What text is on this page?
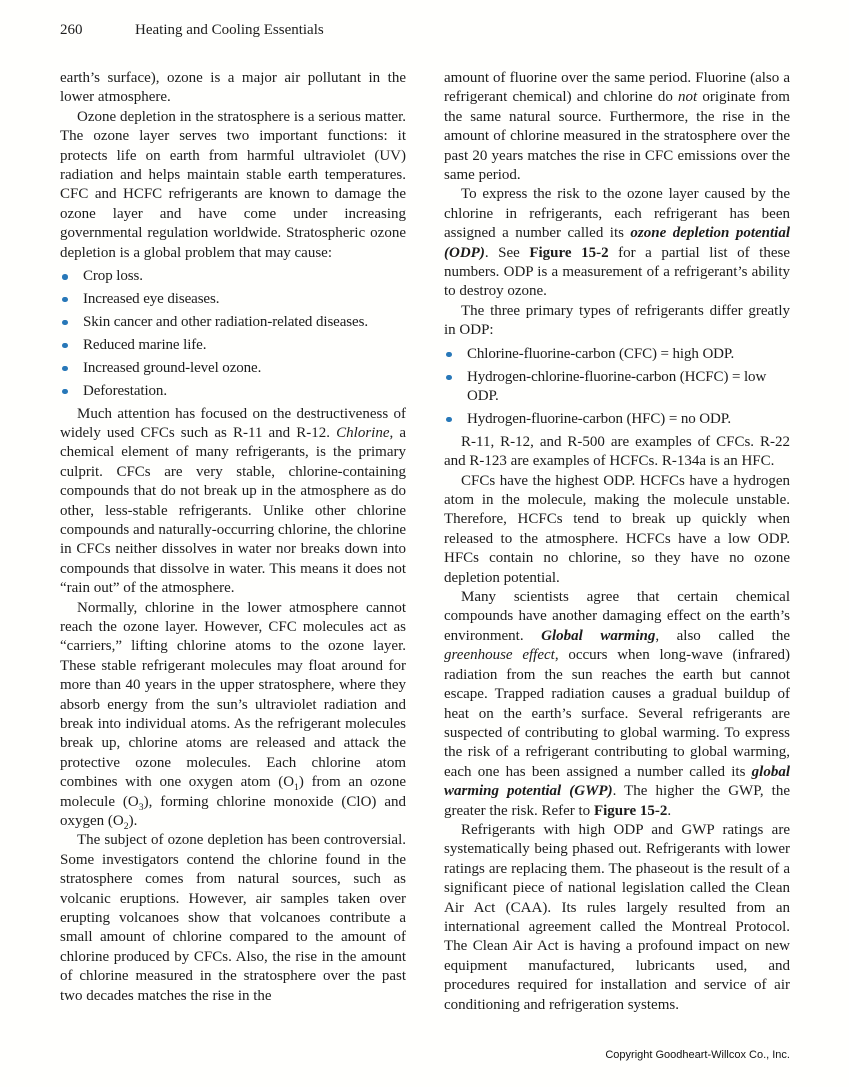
260	Heating and Cooling Essentials

earth’s surface), ozone is a major air pollutant in the lower atmosphere.

Ozone depletion in the stratosphere is a serious matter. The ozone layer serves two important functions: it protects life on earth from harmful ultraviolet (UV) radiation and helps maintain stable earth temperatures. CFC and HCFC refrigerants are known to damage the ozone layer and have come under increasing governmental regulation worldwide. Stratospheric ozone depletion is a global problem that may cause:

Crop loss.
Increased eye diseases.
Skin cancer and other radiation-related diseases.
Reduced marine life.
Increased ground-level ozone.
Deforestation.

Much attention has focused on the destructiveness of widely used CFCs such as R-11 and R-12. Chlorine, a chemical element of many refrigerants, is the primary culprit. CFCs are very stable, chlorine-containing compounds that do not break up in the atmosphere as do other, less-stable refrigerants. Unlike other chlorine compounds and naturally-occurring chlorine, the chlorine in CFCs neither dissolves in water nor breaks down into compounds that dissolve in water. This means it does not “rain out” of the atmosphere.

Normally, chlorine in the lower atmosphere cannot reach the ozone layer. However, CFC molecules act as “carriers,” lifting chlorine atoms to the ozone layer. These stable refrigerant molecules may float around for more than 40 years in the upper stratosphere, where they absorb energy from the sun’s ultraviolet radiation and break into individual atoms. As the refrigerant molecules break up, chlorine atoms are released and attack the protective ozone molecules. Each chlorine atom combines with one oxygen atom $(O_1)$ from an ozone molecule $(O_3)$, forming chlorine monoxide (ClO) and oxygen $(O_2)$.

The subject of ozone depletion has been controversial. Some investigators contend the chlorine found in the stratosphere comes from natural sources, such as volcanic eruptions. However, air samples taken over erupting volcanoes show that volcanoes contribute a small amount of chlorine compared to the amount of chlorine produced by CFCs. Also, the rise in the amount of chlorine measured in the stratosphere over the past two decades matches the rise in the

amount of fluorine over the same period. Fluorine (also a refrigerant chemical) and chlorine do not originate from the same natural source. Furthermore, the rise in the amount of chlorine measured in the stratosphere over the past 20 years matches the rise in CFC emissions over the same period.

To express the risk to the ozone layer caused by the chlorine in refrigerants, each refrigerant has been assigned a number called its ozone depletion potential (ODP). See Figure 15-2 for a partial list of these numbers. ODP is a measurement of a refrigerant’s ability to destroy ozone.

The three primary types of refrigerants differ greatly in ODP:

Chlorine-fluorine-carbon (CFC) = high ODP.
Hydrogen-chlorine-fluorine-carbon (HCFC) = low ODP.
Hydrogen-fluorine-carbon (HFC) = no ODP.

R-11, R-12, and R-500 are examples of CFCs. R-22 and R-123 are examples of HCFCs. R-134a is an HFC.

CFCs have the highest ODP. HCFCs have a hydrogen atom in the molecule, making the molecule unstable. Therefore, HCFCs tend to break up quickly when released to the atmosphere. HCFCs have a low ODP. HFCs contain no chlorine, so they have no ozone depletion potential.

Many scientists agree that certain chemical compounds have another damaging effect on the earth’s environment. Global warming, also called the greenhouse effect, occurs when long-wave (infrared) radiation from the sun reaches the earth but cannot escape. Trapped radiation causes a gradual buildup of heat on the earth’s surface. Several refrigerants are suspected of contributing to global warming. To express the risk of a refrigerant contributing to global warming, each one has been assigned a number called its global warming potential (GWP). The higher the GWP, the greater the risk. Refer to Figure 15-2.

Refrigerants with high ODP and GWP ratings are systematically being phased out. Refrigerants with lower ratings are replacing them. The phaseout is the result of a significant piece of national legislation called the Clean Air Act (CAA). Its rules largely resulted from an international agreement called the Montreal Protocol. The Clean Air Act is having a profound impact on new equipment manufactured, lubricants used, and procedures required for installation and service of air conditioning and refrigeration systems.

Copyright Goodheart-Willcox Co., Inc.
